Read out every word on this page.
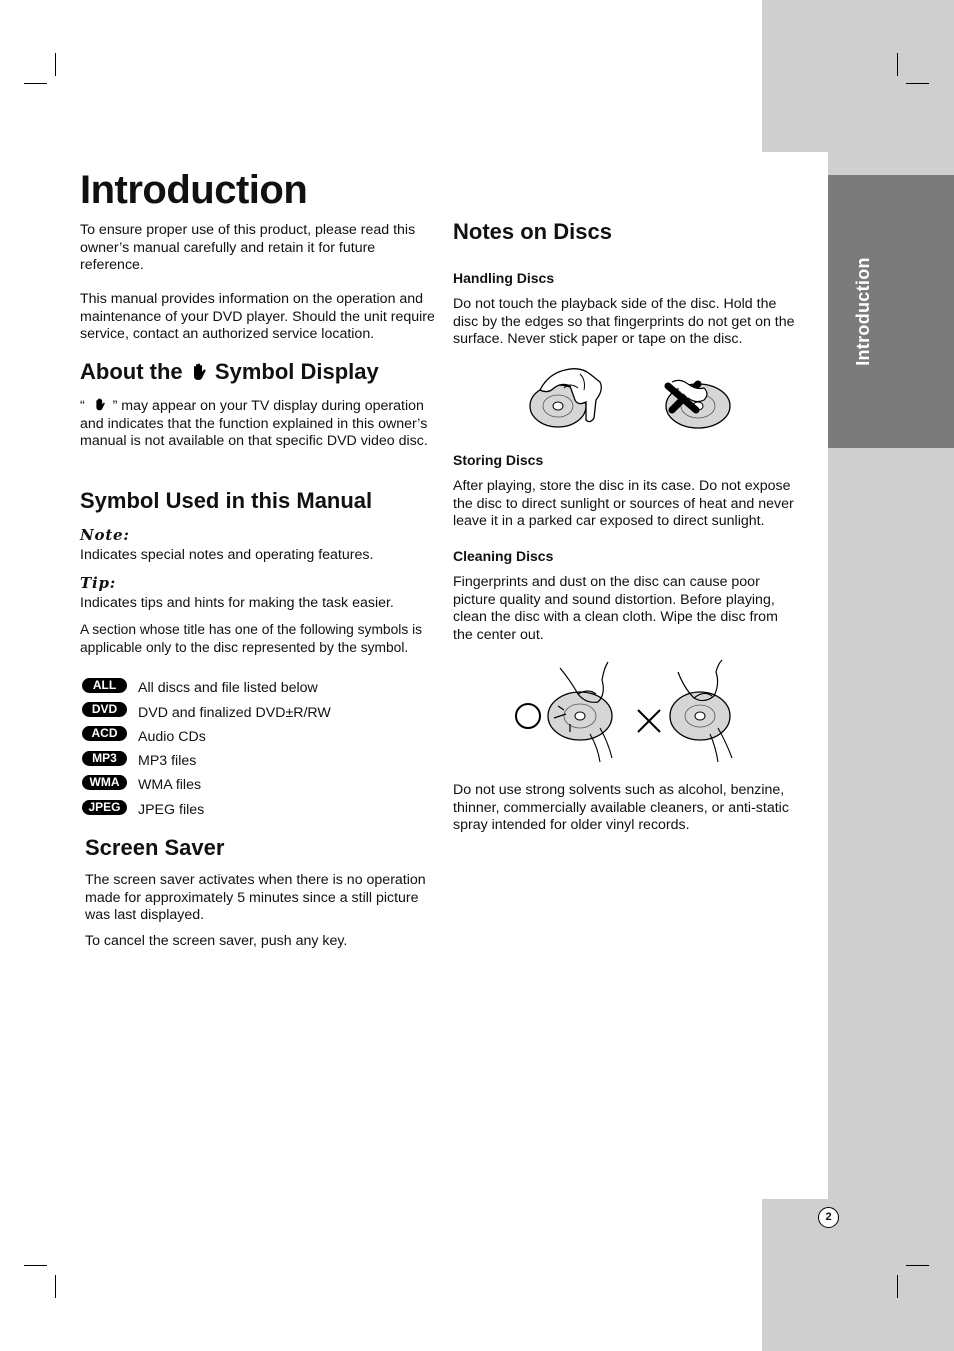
Introduction
2
Introduction

To ensure proper use of this product, please read this owner’s manual carefully and retain it for future reference.

This manual provides information on the operation and maintenance of your DVD player. Should the unit require service, contact an authorized service location.

About the Symbol Display

“ ” may appear on your TV display during operation and indicates that the function explained in this owner’s manual is not available on that specific DVD video disc.

Symbol Used in this Manual
Note:

Indicates special notes and operating features.

Tip:

Indicates tips and hints for making the task easier.

A section whose title has one of the following symbols is applicable only to the disc represented by the symbol.

ALL	All discs and file listed below
DVD	DVD and finalized DVD±R/RW
ACD	Audio CDs
MP3	MP3 files
WMA	WMA files
JPEG	JPEG files
Screen Saver

The screen saver activates when there is no operation made for approximately 5 minutes since a still picture was last displayed.

To cancel the screen saver, push any key.

Notes on Discs
Handling Discs

Do not touch the playback side of the disc. Hold the disc by the edges so that fingerprints do not get on the surface. Never stick paper or tape on the disc.

Storing Discs

After playing, store the disc in its case. Do not expose the disc to direct sunlight or sources of heat and never leave it in a parked car exposed to direct sunlight.

Cleaning Discs

Fingerprints and dust on the disc can cause poor picture quality and sound distortion. Before playing, clean the disc with a clean cloth. Wipe the disc from the center out.

Do not use strong solvents such as alcohol, benzine, thinner, commercially available cleaners, or anti-static spray intended for older vinyl records.
